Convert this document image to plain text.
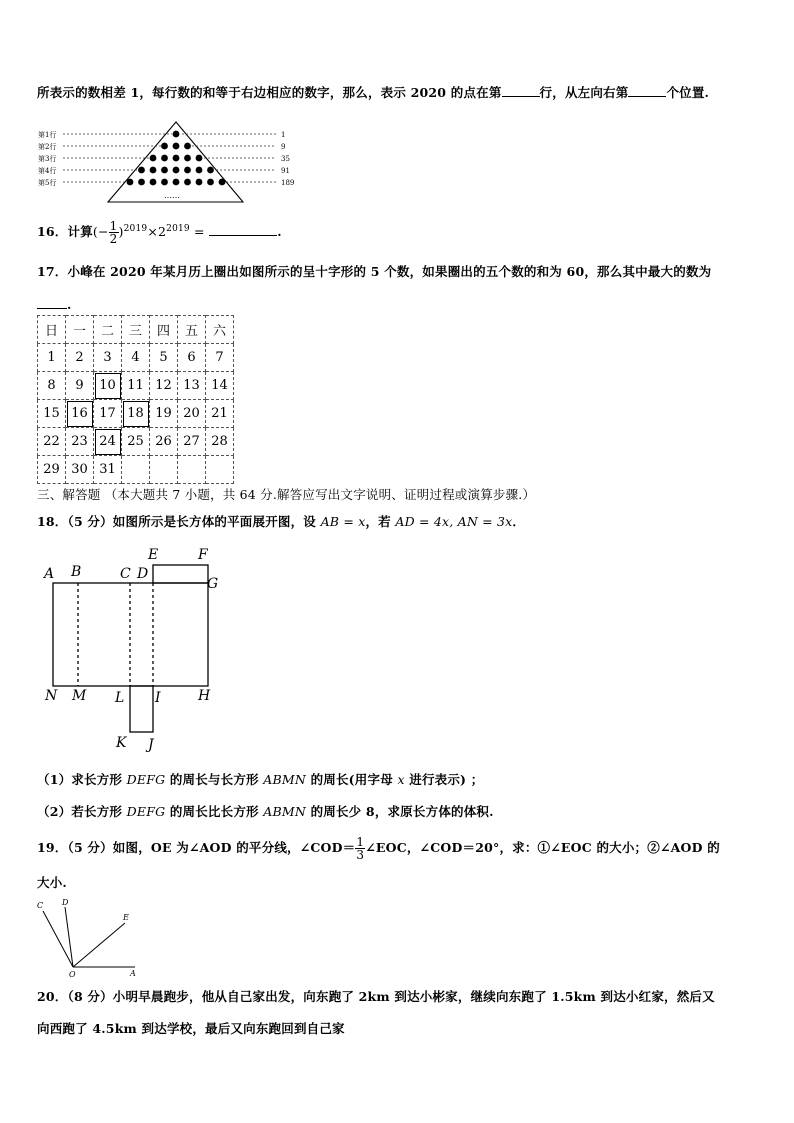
所表示的数相差 1，每行数的和等于右边相应的数字，那么，表示 2020 的点在第	行，从左向右第	个位置.
第1行
第2行
第3行
第4行
第5行
1
9
35
91
189
……
16．计算(− $\frac{1}{2} )^{2019}\times 2^{2019}$ =	.
17．小峰在 2020 年某月历上圈出如图所示的呈十字形的 5 个数，如果圈出的五个数的和为 60，那么其中最大的数为
.
日	一	二	三	四	五	六
1	2	3	4	5	6	7
8	9	10	11	12	13	14
15	16	17	18	19	20	21
22	23	24	25	26	27	28
29	30	31				
三、解答题 （本大题共 7 小题，共 64 分.解答应写出文字说明、证明过程或演算步骤.）
18．（5 分）如图所示是长方体的平面展开图，设 AB = x，若 AD = 4x, AN = 3x．
A B	C D
E	F
G
N M L I	H
K J
（1）求长方形 DEFG 的周长与长方形 ABMN 的周长(用字母 x 进行表示) ；
（2）若长方形 DEFG 的周长比长方形 ABMN 的周长少 8，求原长方体的体积.
19．（5 分）如图，OE 为∠AOD 的平分线，∠COD＝ $\frac{1}{3}$ ∠EOC，∠COD＝20°，求：①∠EOC 的大小；②∠AOD 的
大小.
C D
E
O	A
20．（8 分）小明早晨跑步，他从自己家出发，向东跑了 2km 到达小彬家，继续向东跑了 1.5km 到达小红家，然后又
向西跑了 4.5km 到达学校，最后又向东跑回到自己家
